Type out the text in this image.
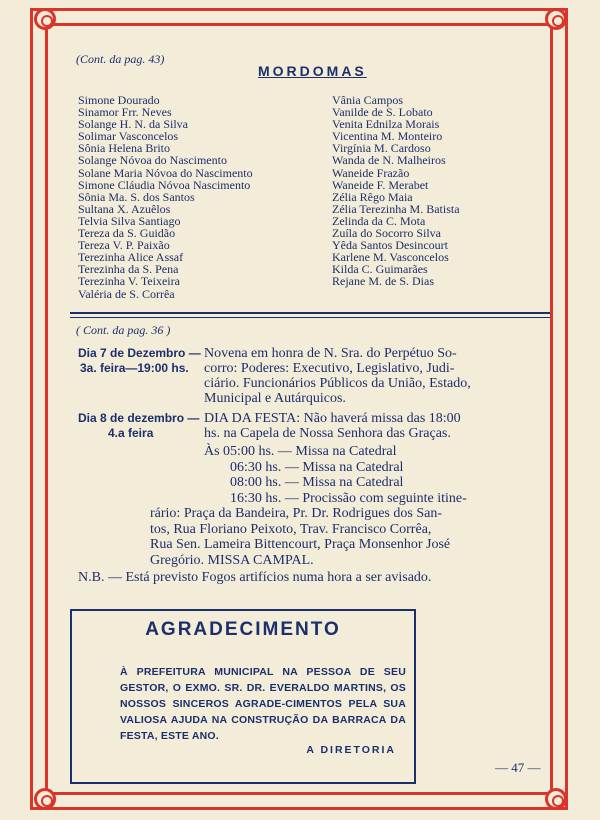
(Cont. da pag. 43)
MORDOMAS
Simone Dourado
Sinamor Frr. Neves
Solange H. N. da Silva
Solimar Vasconcelos
Sônia Helena Brito
Solange Nóvoa do Nascimento
Solane Maria Nóvoa do Nascimento
Simone Cláudia Nóvoa Nascimento
Sônia Ma. S. dos Santos
Sultana X. Azuêlos
Telvia Silva Santiago
Tereza da S. Guidão
Tereza V. P. Paixão
Terezinha Alice Assaf
Terezinha da S. Pena
Terezinha V. Teixeira
Valéria de S. Corrêa
Vânia Campos
Vanilde de S. Lobato
Venita Ednilza Morais
Vicentina M. Monteiro
Virgínia M. Cardoso
Wanda de N. Malheiros
Waneide Frazão
Waneide F. Merabet
Zélia Rêgo Maia
Zélia Terezinha M. Batista
Zelinda da C. Mota
Zuíla do Socorro Silva
Yêda Santos Desincourt
Karlene M. Vasconcelos
Kilda C. Guimarães
Rejane M. de S. Dias
( Cont. da pag. 36 )
Dia 7 de Dezembro —
3a. feira—19:00 hs.
Novena em honra de N. Sra. do Perpétuo So-
corro: Poderes: Executivo, Legislativo, Judi-
ciário. Funcionários Públicos da União, Estado,
Municipal e Autárquicos.
Dia 8 de dezembro —
4.a feira
DIA DA FESTA: Não haverá missa das 18:00
hs. na Capela de Nossa Senhora das Graças.
Às 05:00 hs. — Missa na Catedral
06:30 hs. — Missa na Catedral
08:00 hs. — Missa na Catedral
16:30 hs. — Procissão com seguinte itine-
rário: Praça da Bandeira, Pr. Dr. Rodrigues dos San-
tos, Rua Floriano Peixoto, Trav. Francisco Corrêa,
Rua Sen. Lameira Bittencourt, Praça Monsenhor José
Gregório. MISSA CAMPAL.
N.B. — Está previsto Fogos artifícios numa hora a ser avisado.
AGRADECIMENTO
À PREFEITURA MUNICIPAL NA PESSOA DE SEU GESTOR, O EXMO. SR. DR. EVERALDO MARTINS, OS NOSSOS SINCEROS AGRADE-CIMENTOS PELA SUA VALIOSA AJUDA NA CONSTRUÇÃO DA BARRACA DA FESTA, ESTE ANO.
A DIRETORIA
— 47 —
